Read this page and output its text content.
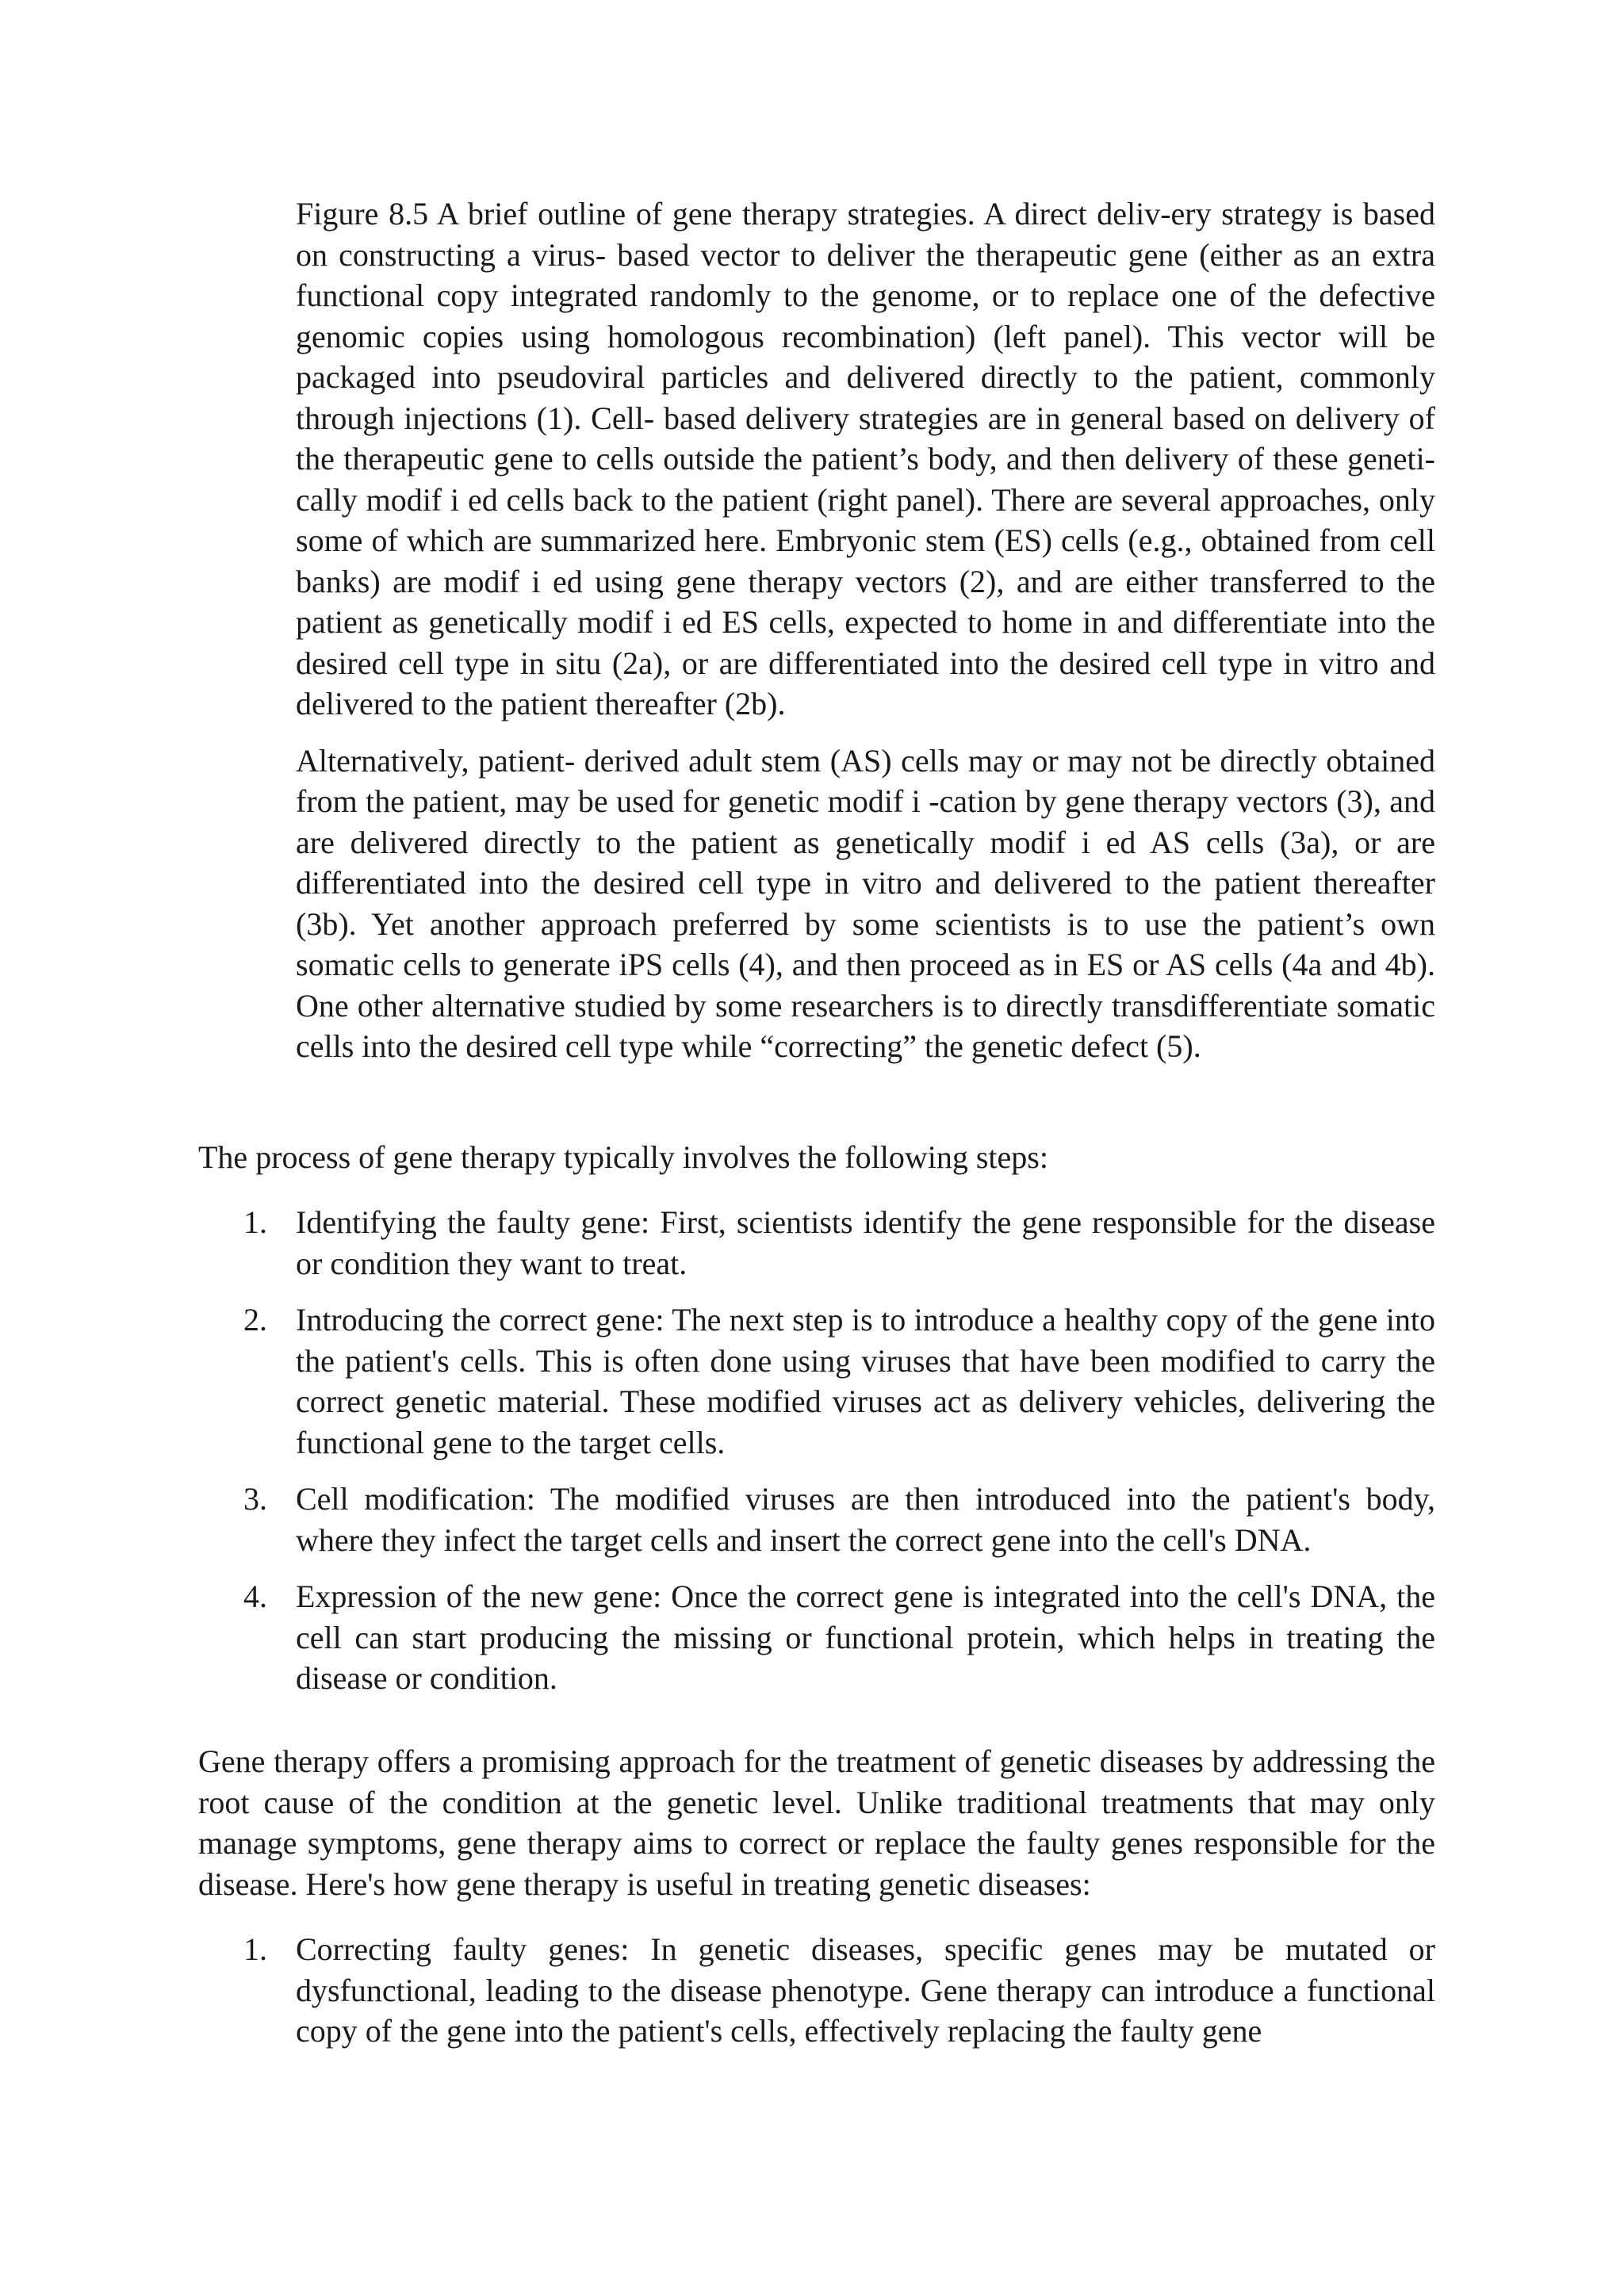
Figure 8.5 A brief outline of gene therapy strategies. A direct deliv-ery strategy is based on constructing a virus- based vector to deliver the therapeutic gene (either as an extra functional copy integrated randomly to the genome, or to replace one of the defective genomic copies using homologous recombination) (left panel). This vector will be packaged into pseudoviral particles and delivered directly to the patient, commonly through injections (1). Cell- based delivery strategies are in general based on delivery of the therapeutic gene to cells outside the patient’s body, and then delivery of these geneti-cally modif i ed cells back to the patient (right panel). There are several approaches, only some of which are summarized here. Embryonic stem (ES) cells (e.g., obtained from cell banks) are modif i ed using gene therapy vectors (2), and are either transferred to the patient as genetically modif i ed ES cells, expected to home in and differentiate into the desired cell type in situ (2a), or are differentiated into the desired cell type in vitro and delivered to the patient thereafter (2b).

Alternatively, patient- derived adult stem (AS) cells may or may not be directly obtained from the patient, may be used for genetic modif i -cation by gene therapy vectors (3), and are delivered directly to the patient as genetically modif i ed AS cells (3a), or are differentiated into the desired cell type in vitro and delivered to the patient thereafter (3b). Yet another approach preferred by some scientists is to use the patient’s own somatic cells to generate iPS cells (4), and then proceed as in ES or AS cells (4a and 4b). One other alternative studied by some researchers is to directly transdifferentiate somatic cells into the desired cell type while “correcting” the genetic defect (5).

The process of gene therapy typically involves the following steps:

1. Identifying the faulty gene: First, scientists identify the gene responsible for the disease or condition they want to treat.
2. Introducing the correct gene: The next step is to introduce a healthy copy of the gene into the patient's cells. This is often done using viruses that have been modified to carry the correct genetic material. These modified viruses act as delivery vehicles, delivering the functional gene to the target cells.
3. Cell modification: The modified viruses are then introduced into the patient's body, where they infect the target cells and insert the correct gene into the cell's DNA.
4. Expression of the new gene: Once the correct gene is integrated into the cell's DNA, the cell can start producing the missing or functional protein, which helps in treating the disease or condition.

Gene therapy offers a promising approach for the treatment of genetic diseases by addressing the root cause of the condition at the genetic level. Unlike traditional treatments that may only manage symptoms, gene therapy aims to correct or replace the faulty genes responsible for the disease. Here's how gene therapy is useful in treating genetic diseases:

1. Correcting faulty genes: In genetic diseases, specific genes may be mutated or dysfunctional, leading to the disease phenotype. Gene therapy can introduce a functional copy of the gene into the patient's cells, effectively replacing the faulty gene
